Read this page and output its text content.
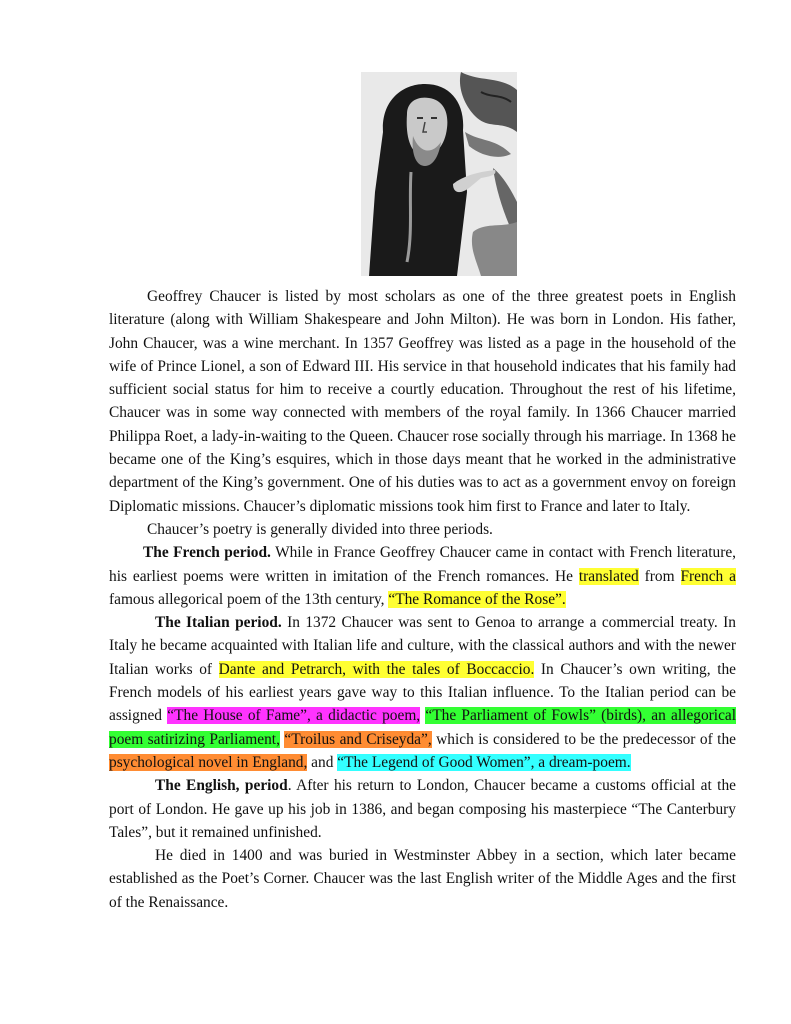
Geoffrey Chaucer is listed by most scholars as one of the three greatest poets in English literature (along with William Shakespeare and John Milton). He was born in London. His father, John Chaucer, was a wine merchant. In 1357 Geoffrey was listed as a page in the household of the wife of Prince Lionel, a son of Edward III. His service in that household indicates that his family had sufficient social status for him to receive a courtly education. Throughout the rest of his lifetime, Chaucer was in some way connected with members of the royal family. In 1366 Chaucer married Philippa Roet, a lady-in-waiting to the Queen. Chaucer rose socially through his marriage. In 1368 he became one of the King’s esquires, which in those days meant that he worked in the administrative department of the King’s government. One of his duties was to act as a government envoy on foreign Diplomatic missions. Chaucer’s diplomatic missions took him first to France and later to Italy.

Chaucer’s poetry is generally divided into three periods.

The French period. While in France Geoffrey Chaucer came in contact with French literature, his earliest poems were written in imitation of the French romances. He translated from French a famous allegorical poem of the 13th century, “The Romance of the Rose”.

The Italian period. In 1372 Chaucer was sent to Genoa to arrange a commercial treaty. In Italy he became acquainted with Italian life and culture, with the classical authors and with the newer Italian works of Dante and Petrarch, with the tales of Boccaccio. In Chaucer’s own writing, the French models of his earliest years gave way to this Italian influence. To the Italian period can be assigned “The House of Fame”, a didactic poem, “The Parliament of Fowls” (birds), an allegorical poem satirizing Parliament, “Troilus and Criseyda”, which is considered to be the predecessor of the psychological novel in England, and “The Legend of Good Women”, a dream-poem.

The English, period. After his return to London, Chaucer became a customs official at the port of London. He gave up his job in 1386, and began composing his masterpiece “The Canterbury Tales”, but it remained unfinished.

He died in 1400 and was buried in Westminster Abbey in a section, which later became established as the Poet’s Corner. Chaucer was the last English writer of the Middle Ages and the first of the Renaissance.
